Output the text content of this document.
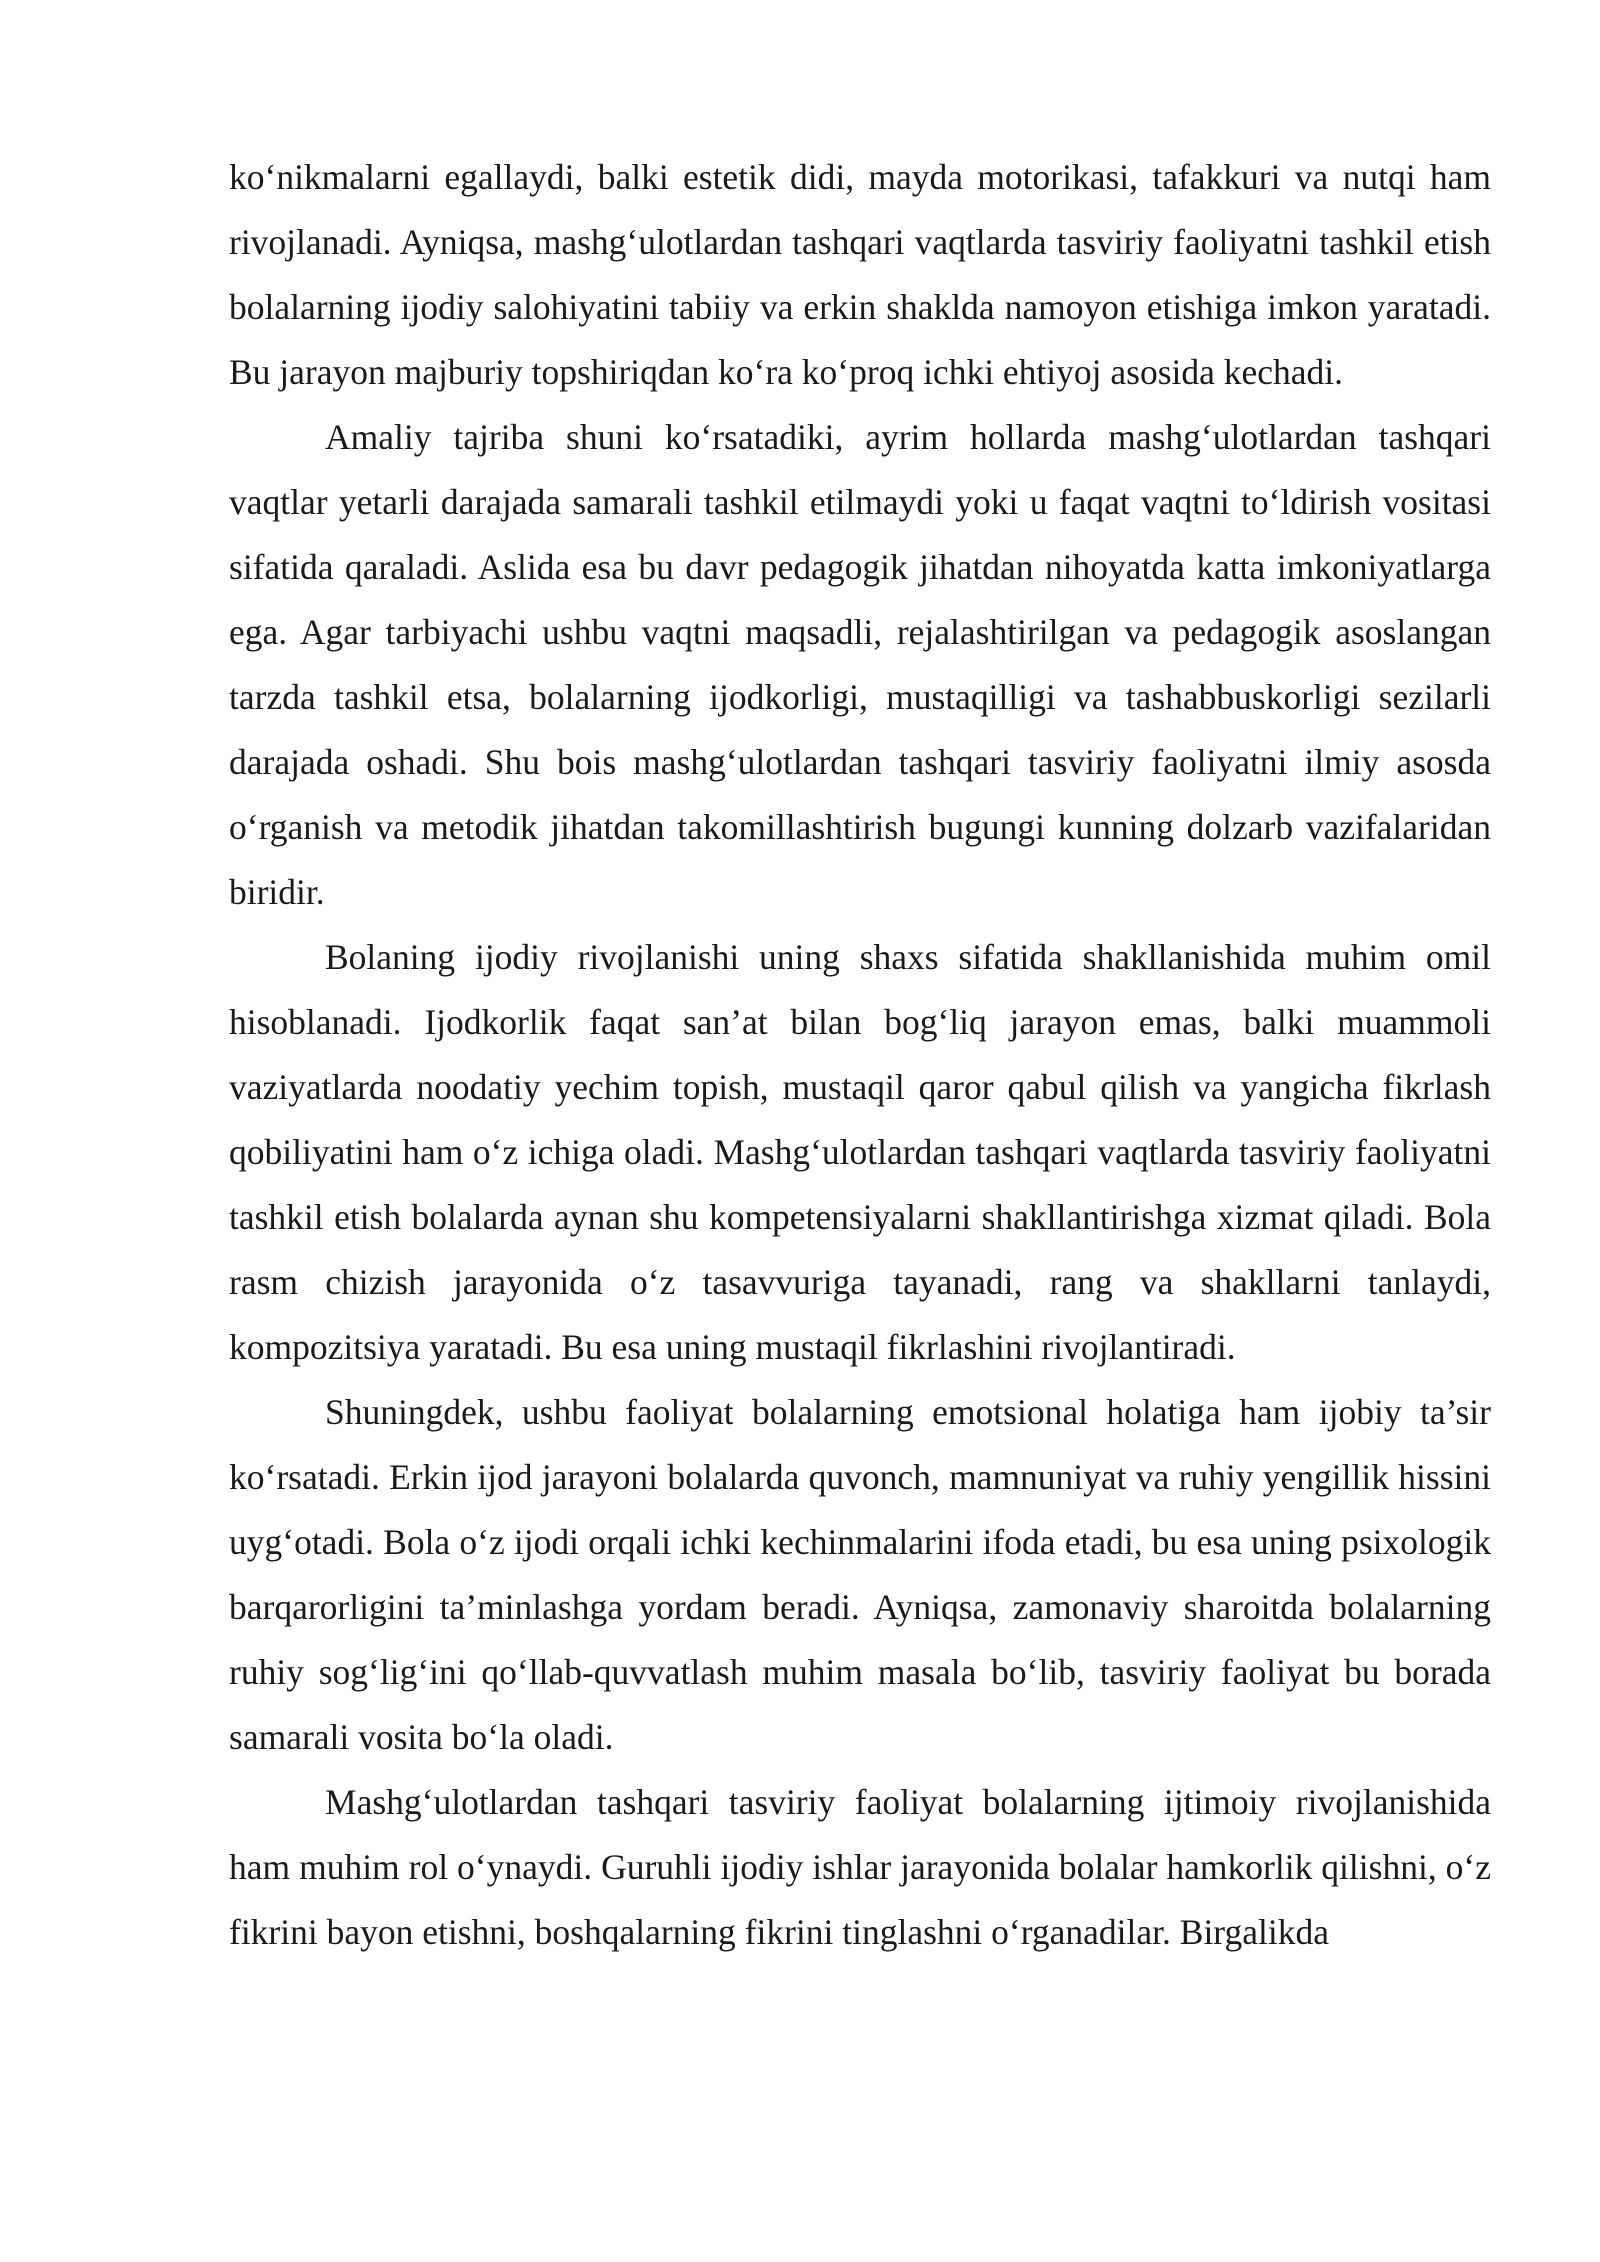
ko‘nikmalarni egallaydi, balki estetik didi, mayda motorikasi, tafakkuri va nutqi ham rivojlanadi. Ayniqsa, mashg‘ulotlardan tashqari vaqtlarda tasviriy faoliyatni tashkil etish bolalarning ijodiy salohiyatini tabiiy va erkin shaklda namoyon etishiga imkon yaratadi. Bu jarayon majburiy topshiriqdan ko‘ra ko‘proq ichki ehtiyoj asosida kechadi.

Amaliy tajriba shuni ko‘rsatadiki, ayrim hollarda mashg‘ulotlardan tashqari vaqtlar yetarli darajada samarali tashkil etilmaydi yoki u faqat vaqtni to‘ldirish vositasi sifatida qaraladi. Aslida esa bu davr pedagogik jihatdan nihoyatda katta imkoniyatlarga ega. Agar tarbiyachi ushbu vaqtni maqsadli, rejalashtirilgan va pedagogik asoslangan tarzda tashkil etsa, bolalarning ijodkorligi, mustaqilligi va tashabbuskorligi sezilarli darajada oshadi. Shu bois mashg‘ulotlardan tashqari tasviriy faoliyatni ilmiy asosda o‘rganish va metodik jihatdan takomillashtirish bugungi kunning dolzarb vazifalaridan biridir.

Bolaning ijodiy rivojlanishi uning shaxs sifatida shakllanishida muhim omil hisoblanadi. Ijodkorlik faqat san’at bilan bog‘liq jarayon emas, balki muammoli vaziyatlarda noodatiy yechim topish, mustaqil qaror qabul qilish va yangicha fikrlash qobiliyatini ham o‘z ichiga oladi. Mashg‘ulotlardan tashqari vaqtlarda tasviriy faoliyatni tashkil etish bolalarda aynan shu kompetensiyalarni shakllantirishga xizmat qiladi. Bola rasm chizish jarayonida o‘z tasavvuriga tayanadi, rang va shakllarni tanlaydi, kompozitsiya yaratadi. Bu esa uning mustaqil fikrlashini rivojlantiradi.

Shuningdek, ushbu faoliyat bolalarning emotsional holatiga ham ijobiy ta’sir ko‘rsatadi. Erkin ijod jarayoni bolalarda quvonch, mamnuniyat va ruhiy yengillik hissini uyg‘otadi. Bola o‘z ijodi orqali ichki kechinmalarini ifoda etadi, bu esa uning psixologik barqarorligini ta’minlashga yordam beradi. Ayniqsa, zamonaviy sharoitda bolalarning ruhiy sog‘lig‘ini qo‘llab-quvvatlash muhim masala bo‘lib, tasviriy faoliyat bu borada samarali vosita bo‘la oladi.

Mashg‘ulotlardan tashqari tasviriy faoliyat bolalarning ijtimoiy rivojlanishida ham muhim rol o‘ynaydi. Guruhli ijodiy ishlar jarayonida bolalar hamkorlik qilishni, o‘z fikrini bayon etishni, boshqalarning fikrini tinglashni o‘rganadilar. Birgalikda
